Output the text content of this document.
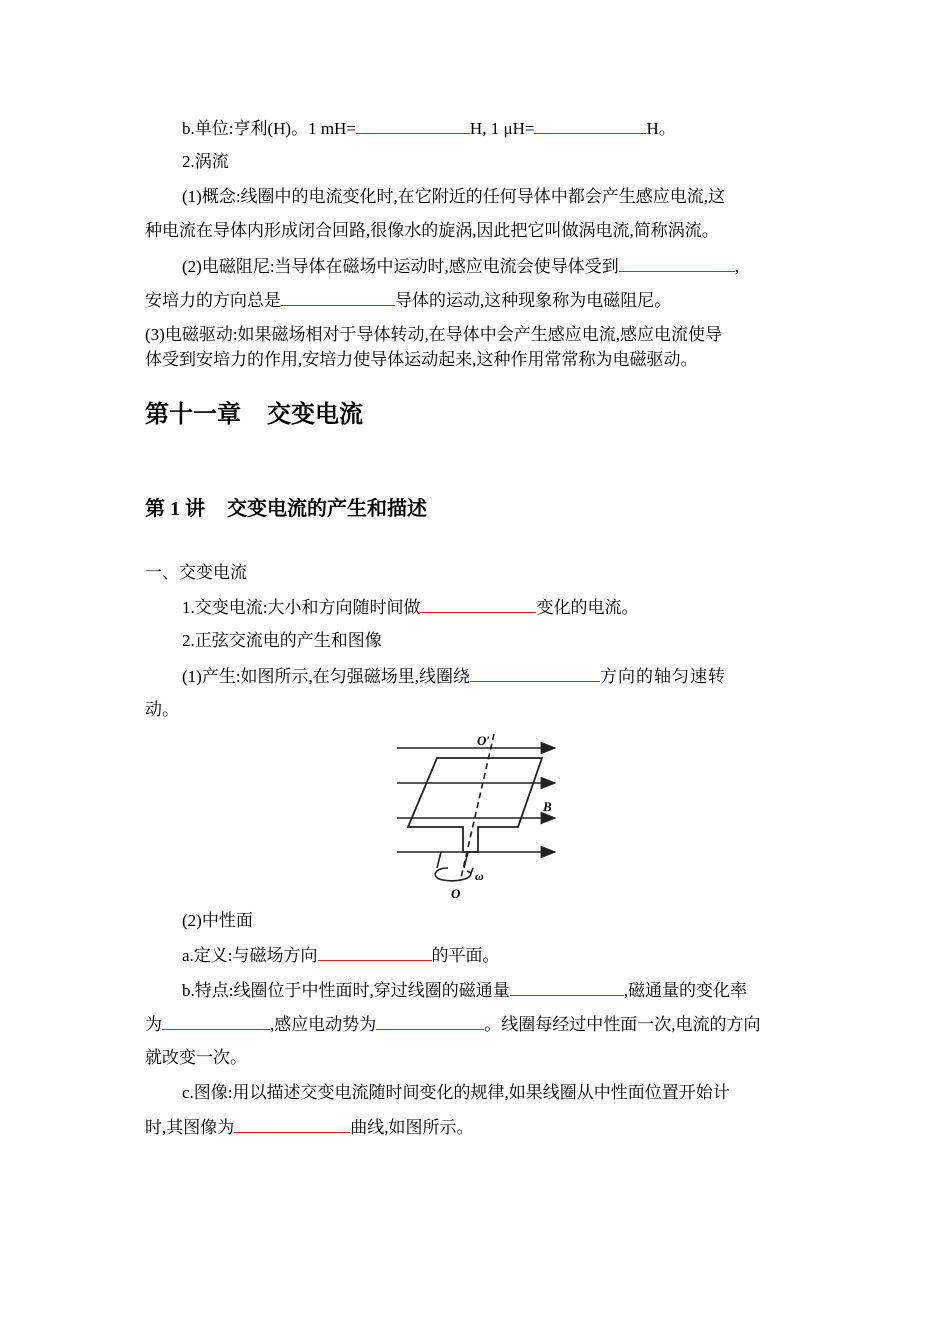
b.单位:亨利(H)。1 mH=	H, 1 μH=	H。
2.涡流
(1)概念:线圈中的电流变化时,在它附近的任何导体中都会产生感应电流,这
种电流在导体内形成闭合回路,很像水的旋涡,因此把它叫做涡电流,简称涡流。
(2)电磁阻尼:当导体在磁场中运动时,感应电流会使导体受到	,
安培力的方向总是	导体的运动,这种现象称为电磁阻尼。
(3)电磁驱动:如果磁场相对于导体转动,在导体中会产生感应电流,感应电流使导
体受到安培力的作用,安培力使导体运动起来,这种作用常常称为电磁驱动。
第十一章 交变电流
第 1 讲 交变电流的产生和描述
一、交变电流
1.交变电流:大小和方向随时间做	变化的电流。
2.正弦交流电的产生和图像
(1)产生:如图所示,在匀强磁场里,线圈绕	方向的轴匀速转
动。
O′
B
ω
O
(2)中性面
a.定义:与磁场方向	的平面。
b.特点:线圈位于中性面时,穿过线圈的磁通量	,磁通量的变化率
为	,感应电动势为	。线圈每经过中性面一次,电流的方向
就改变一次。
c.图像:用以描述交变电流随时间变化的规律,如果线圈从中性面位置开始计
时,其图像为	曲线,如图所示。
